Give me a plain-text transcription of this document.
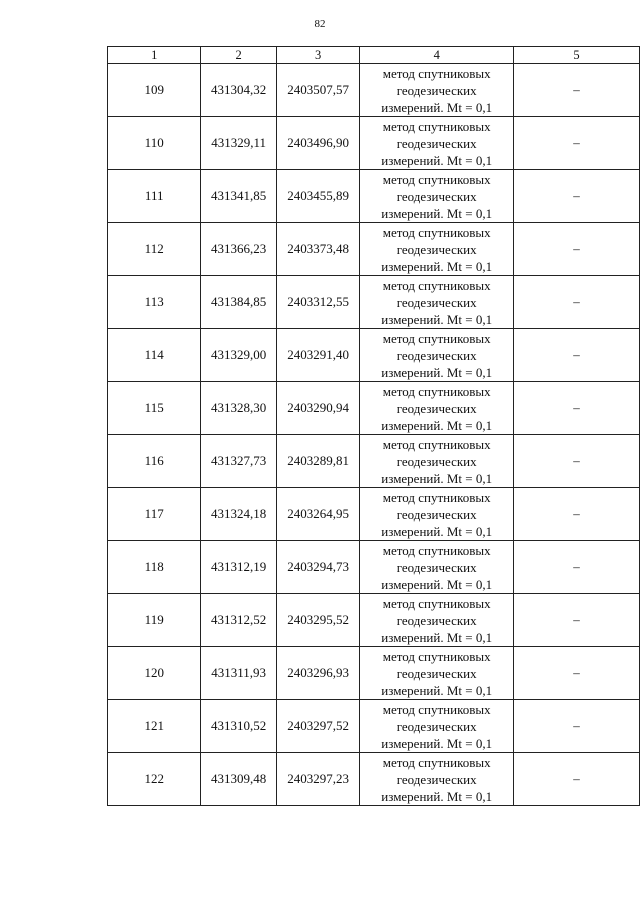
82
1	2	3	4	5
109	431304,32	2403507,57	метод спутниковых
геодезических
измерений. Mt = 0,1	–
110	431329,11	2403496,90	метод спутниковых
геодезических
измерений. Mt = 0,1	–
111	431341,85	2403455,89	метод спутниковых
геодезических
измерений. Mt = 0,1	–
112	431366,23	2403373,48	метод спутниковых
геодезических
измерений. Mt = 0,1	–
113	431384,85	2403312,55	метод спутниковых
геодезических
измерений. Mt = 0,1	–
114	431329,00	2403291,40	метод спутниковых
геодезических
измерений. Mt = 0,1	–
115	431328,30	2403290,94	метод спутниковых
геодезических
измерений. Mt = 0,1	–
116	431327,73	2403289,81	метод спутниковых
геодезических
измерений. Mt = 0,1	–
117	431324,18	2403264,95	метод спутниковых
геодезических
измерений. Mt = 0,1	–
118	431312,19	2403294,73	метод спутниковых
геодезических
измерений. Mt = 0,1	–
119	431312,52	2403295,52	метод спутниковых
геодезических
измерений. Mt = 0,1	–
120	431311,93	2403296,93	метод спутниковых
геодезических
измерений. Mt = 0,1	–
121	431310,52	2403297,52	метод спутниковых
геодезических
измерений. Mt = 0,1	–
122	431309,48	2403297,23	метод спутниковых
геодезических
измерений. Mt = 0,1	–
